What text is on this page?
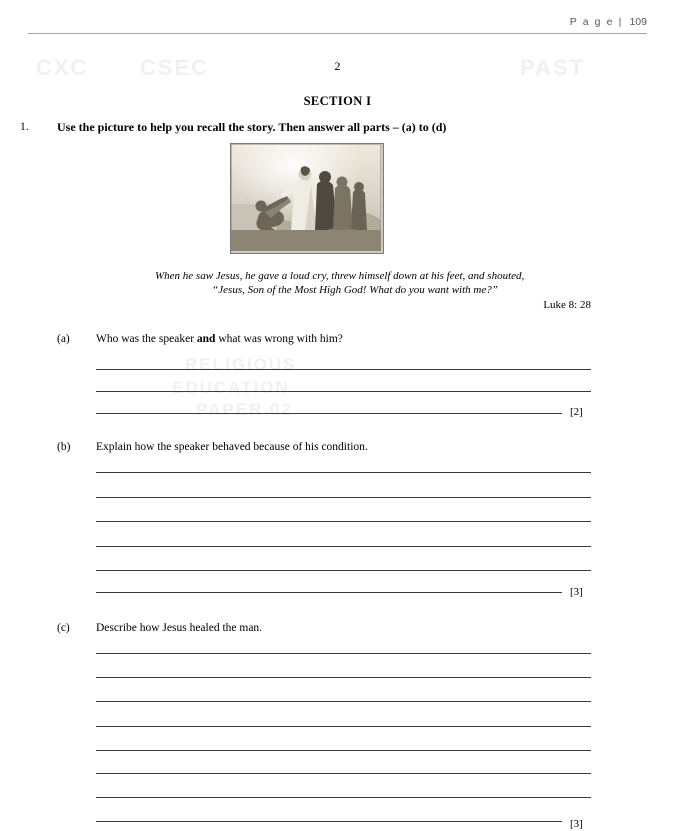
P a g e | 109
CXC CSEC	PAST
RELIGIOUS
EDUCATION
PAPER 02
2
SECTION I
1. Use the picture to help you recall the story. Then answer all parts – (a) to (d)
When he saw Jesus, he gave a loud cry, threw himself down at his feet, and shouted,
“Jesus, Son of the Most High God! What do you want with me?”
Luke 8: 28
(a) Who was the speaker and what was wrong with him?
[2]
(b) Explain how the speaker behaved because of his condition.
[3]
(c) Describe how Jesus healed the man.
[3]
